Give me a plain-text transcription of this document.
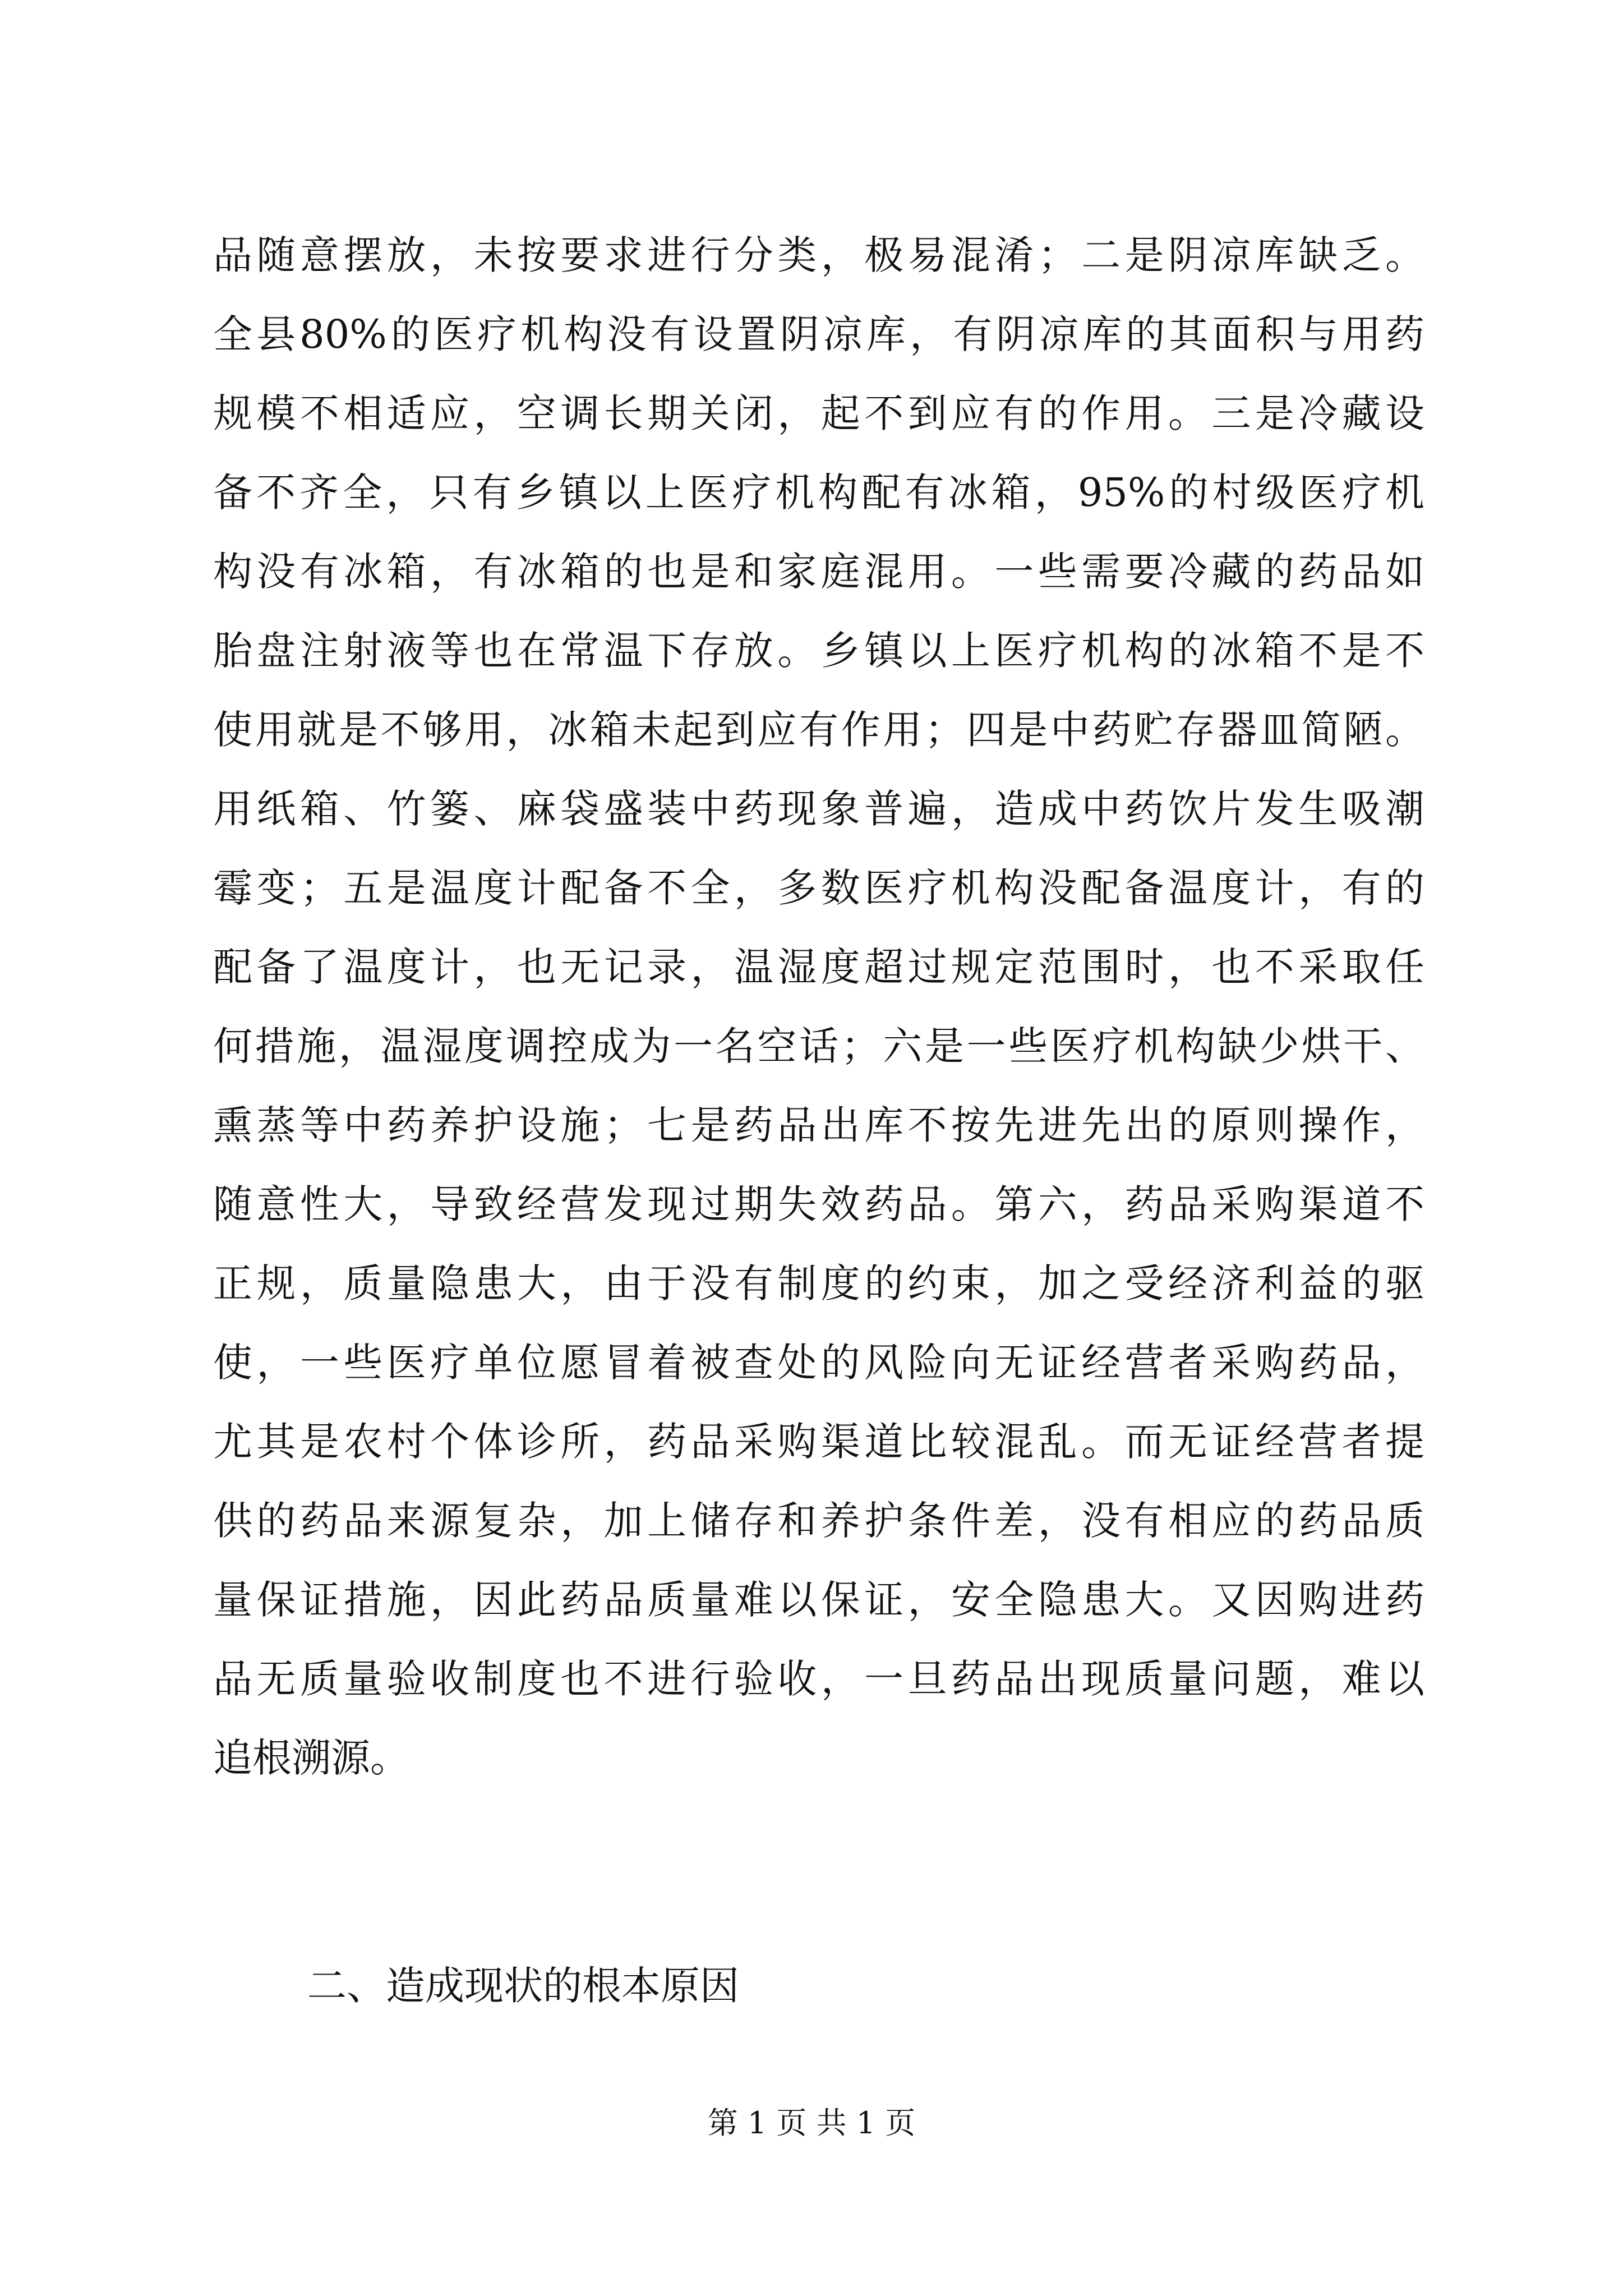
品随意摆放，未按要求进行分类，极易混淆；二是阴凉库缺乏。
全县80%的医疗机构没有设置阴凉库，有阴凉库的其面积与用药
规模不相适应，空调长期关闭，起不到应有的作用。三是冷藏设
备不齐全，只有乡镇以上医疗机构配有冰箱，95%的村级医疗机
构没有冰箱，有冰箱的也是和家庭混用。一些需要冷藏的药品如
胎盘注射液等也在常温下存放。乡镇以上医疗机构的冰箱不是不
使用就是不够用，冰箱未起到应有作用；四是中药贮存器皿简陋。
用纸箱、竹篓、麻袋盛装中药现象普遍，造成中药饮片发生吸潮
霉变；五是温度计配备不全，多数医疗机构没配备温度计，有的
配备了温度计，也无记录，温湿度超过规定范围时，也不采取任
何措施，温湿度调控成为一名空话；六是一些医疗机构缺少烘干、
熏蒸等中药养护设施；七是药品出库不按先进先出的原则操作，
随意性大，导致经营发现过期失效药品。第六，药品采购渠道不
正规，质量隐患大，由于没有制度的约束，加之受经济利益的驱
使，一些医疗单位愿冒着被查处的风险向无证经营者采购药品，
尤其是农村个体诊所，药品采购渠道比较混乱。而无证经营者提
供的药品来源复杂，加上储存和养护条件差，没有相应的药品质
量保证措施，因此药品质量难以保证，安全隐患大。又因购进药
品无质量验收制度也不进行验收，一旦药品出现质量问题，难以
追根溯源。
二、造成现状的根本原因
第 1 页 共 1 页
